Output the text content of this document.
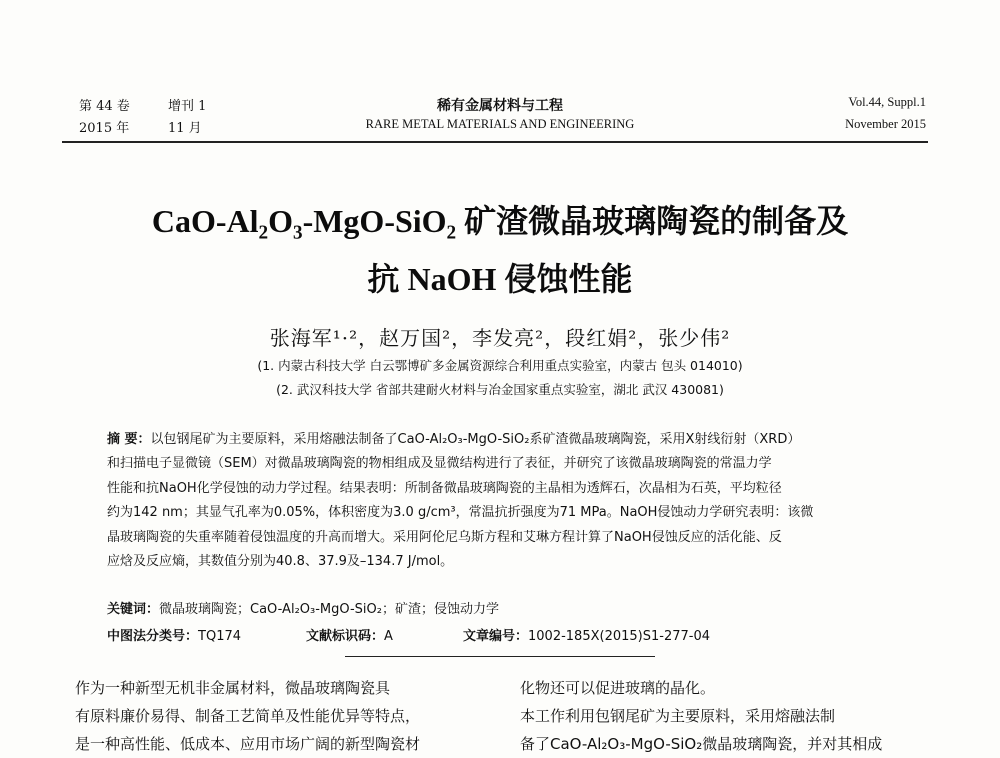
第 44 卷
2015 年
增刊 1
11 月
稀有金属材料与工程
RARE METAL MATERIALS AND ENGINEERING
Vol.44, Suppl.1
November 2015
CaO-Al₂O₃-MgO-SiO₂ 矿渣微晶玻璃陶瓷的制备及
抗 NaOH 侵蚀性能
张海军¹·²，赵万国²，李发亮²，段红娟²，张少伟²
(1. 内蒙古科技大学 白云鄂博矿多金属资源综合利用重点实验室，内蒙古 包头 014010)
(2. 武汉科技大学 省部共建耐火材料与冶金国家重点实验室，湖北 武汉 430081)
摘 要：以包钢尾矿为主要原料，采用熔融法制备了CaO-Al₂O₃-MgO-SiO₂系矿渣微晶玻璃陶瓷，采用X射线衍射（XRD）
和扫描电子显微镜（SEM）对微晶玻璃陶瓷的物相组成及显微结构进行了表征，并研究了该微晶玻璃陶瓷的常温力学
性能和抗NaOH化学侵蚀的动力学过程。结果表明：所制备微晶玻璃陶瓷的主晶相为透辉石，次晶相为石英，平均粒径
约为142 nm；其显气孔率为0.05%，体积密度为3.0 g/cm³，常温抗折强度为71 MPa。NaOH侵蚀动力学研究表明：该微
晶玻璃陶瓷的失重率随着侵蚀温度的升高而增大。采用阿伦尼乌斯方程和艾琳方程计算了NaOH侵蚀反应的活化能、反
应焓及反应熵，其数值分别为40.8、37.9及–134.7 J/mol。
关键词：微晶玻璃陶瓷；CaO-Al₂O₃-MgO-SiO₂；矿渣；侵蚀动力学
中图法分类号：TQ174	文献标识码：A	文章编号：1002-185X(2015)S1-277-04

作为一种新型无机非金属材料，微晶玻璃陶瓷具

有原料廉价易得、制备工艺简单及性能优异等特点，

是一种高性能、低成本、应用市场广阔的新型陶瓷材

化物还可以促进玻璃的晶化。

本工作利用包钢尾矿为主要原料，采用熔融法制

备了CaO-Al₂O₃-MgO-SiO₂微晶玻璃陶瓷，并对其相成
